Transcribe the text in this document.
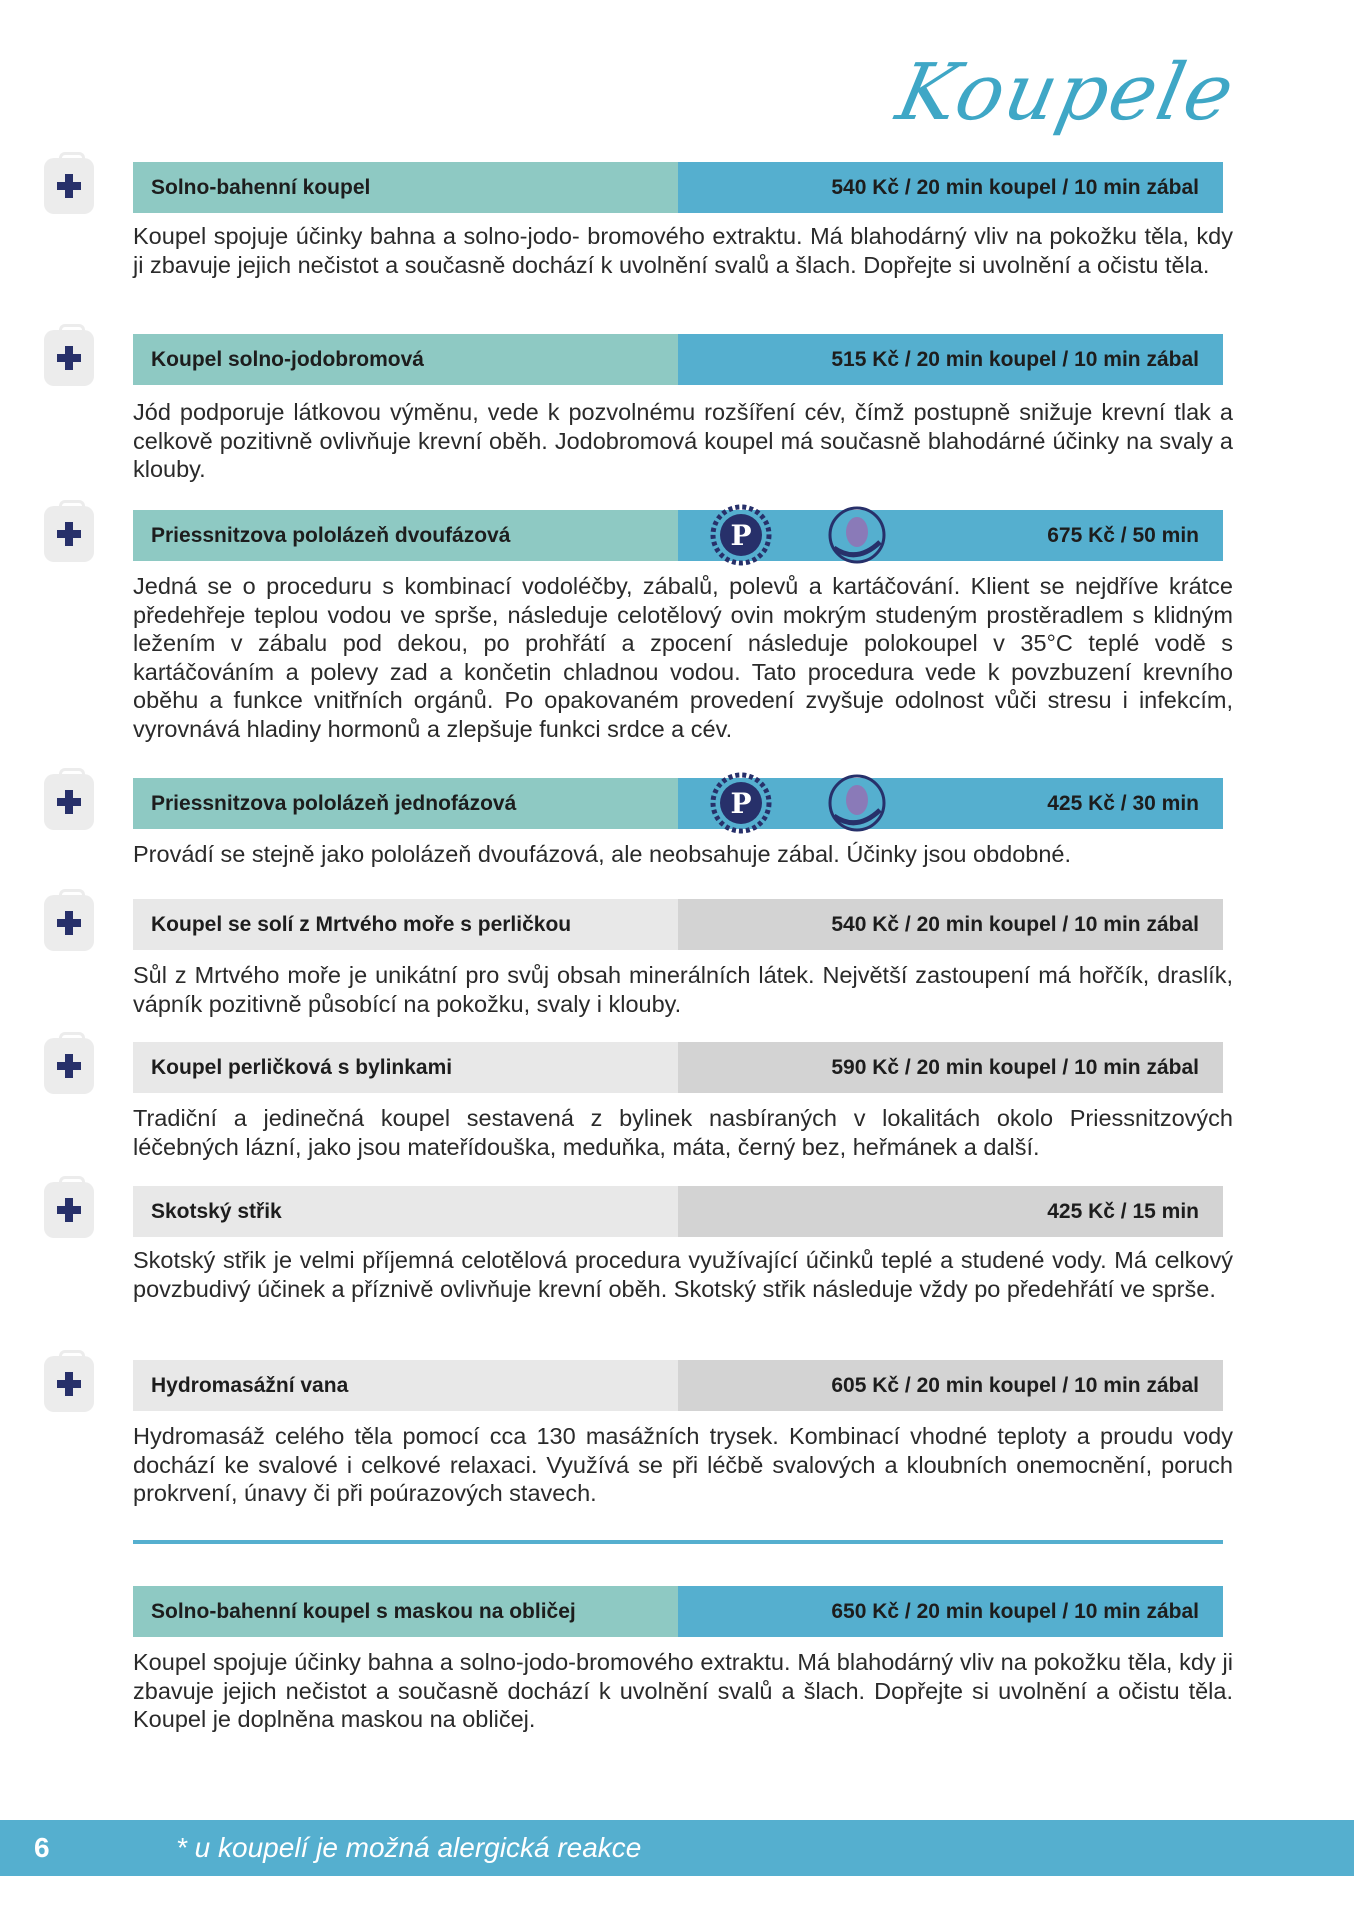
Koupele
Solno-bahenní koupel	540 Kč / 20 min koupel / 10 min zábal
Koupel spojuje účinky bahna a solno-jodo- bromového extraktu. Má blahodárný vliv na pokožku těla, kdy ji zbavuje jejich nečistot a současně dochází k uvolnění svalů a šlach. Dopřejte si uvolnění a očistu těla.
Koupel solno-jodobromová	515 Kč / 20 min koupel / 10 min zábal
Jód podporuje látkovou výměnu, vede k pozvolnému rozšíření cév, čímž postupně snižuje krevní tlak a celkově pozitivně ovlivňuje krevní oběh. Jodobromová koupel má současně blahodárné účinky na svaly a klouby.
Priessnitzova pololázeň dvoufázová	P	675 Kč / 50 min
Jedná se o proceduru s kombinací vodoléčby, zábalů, polevů a kartáčování. Klient se nejdříve krátce předehřeje teplou vodou ve sprše, následuje celotělový ovin mokrým studeným prostěradlem s klidným ležením v zábalu pod dekou, po prohřátí a zpocení následuje polokoupel v 35°C teplé vodě s kartáčováním a polevy zad a končetin chladnou vodou. Tato procedura vede k povzbuzení krevního oběhu a funkce vnitřních orgánů. Po opakovaném provedení zvyšuje odolnost vůči stresu i infekcím, vyrovnává hladiny hormonů a zlepšuje funkci srdce a cév.
Priessnitzova pololázeň jednofázová	P	425 Kč / 30 min
Provádí se stejně jako pololázeň dvoufázová, ale neobsahuje zábal. Účinky jsou obdobné.
Koupel se solí z Mrtvého moře s perličkou	540 Kč / 20 min koupel / 10 min zábal
Sůl z Mrtvého moře je unikátní pro svůj obsah minerálních látek. Největší zastoupení má hořčík, draslík, vápník pozitivně působící na pokožku, svaly i klouby.
Koupel perličková s bylinkami	590 Kč / 20 min koupel / 10 min zábal
Tradiční a jedinečná koupel sestavená z bylinek nasbíraných v lokalitách okolo Priessnitzových léčebných lázní, jako jsou mateřídouška, meduňka, máta, černý bez, heřmánek a další.
Skotský střik	425 Kč / 15 min
Skotský střik je velmi příjemná celotělová procedura využívající účinků teplé a studené vody. Má celkový povzbudivý účinek a příznivě ovlivňuje krevní oběh. Skotský střik následuje vždy po předehřátí ve sprše.
Hydromasážní vana	605 Kč / 20 min koupel / 10 min zábal
Hydromasáž celého těla pomocí cca 130 masážních trysek. Kombinací vhodné teploty a proudu vody dochází ke svalové i celkové relaxaci. Využívá se při léčbě svalových a kloubních onemocnění, poruch prokrvení, únavy či při poúrazových stavech.
Solno-bahenní koupel s maskou na obličej	650 Kč / 20 min koupel / 10 min zábal
Koupel spojuje účinky bahna a solno-jodo-bromového extraktu. Má blahodárný vliv na pokožku těla, kdy ji zbavuje jejich nečistot a současně dochází k uvolnění svalů a šlach. Dopřejte si uvolnění a očistu těla. Koupel je doplněna maskou na obličej.
6	* u koupelí je možná alergická reakce
